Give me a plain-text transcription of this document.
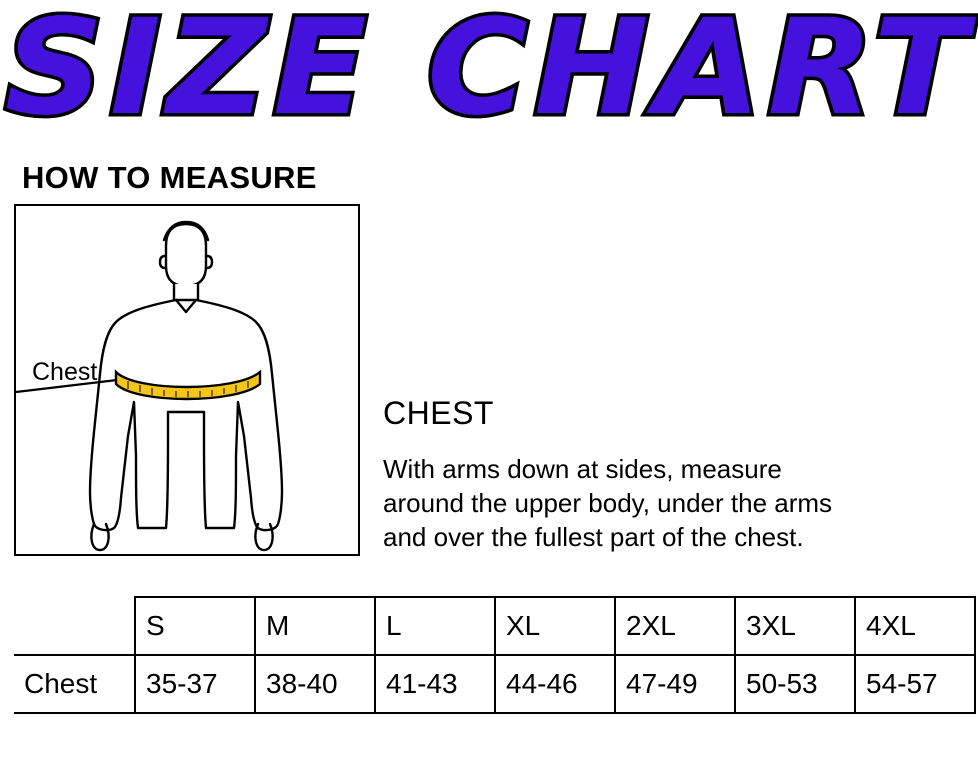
SIZE CHART
HOW TO MEASURE
Chest
CHEST
With arms down at sides, measure
around the upper body, under the arms
and over the fullest part of the chest.
	S	M	L	XL	2XL	3XL	4XL
Chest	35-37	38-40	41-43	44-46	47-49	50-53	54-57
